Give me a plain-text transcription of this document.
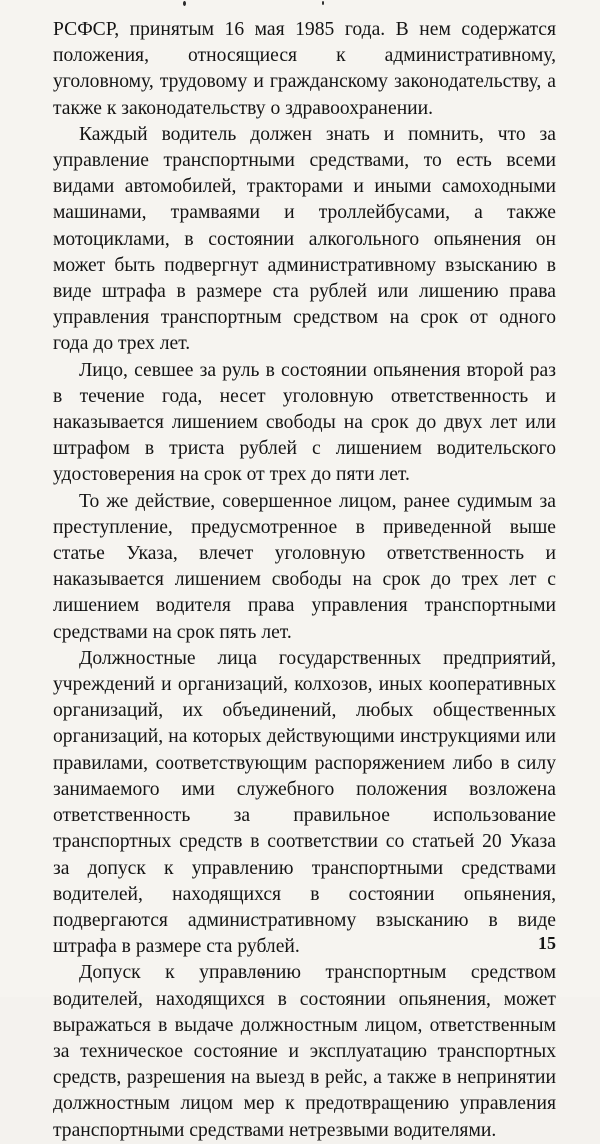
РСФСР, принятым 16 мая 1985 года. В нем содержатся положения, относящиеся к административному, уголовному, трудовому и гражданскому законодательству, а также к законодательству о здравоохранении.

Каждый водитель должен знать и помнить, что за управление транспортными средствами, то есть всеми видами автомобилей, тракторами и иными самоходными машинами, трамваями и троллейбусами, а также мотоциклами, в состоянии алкогольного опьянения он может быть подвергнут административному взысканию в виде штрафа в размере ста рублей или лишению права управления транспортным средством на срок от одного года до трех лет.

Лицо, севшее за руль в состоянии опьянения второй раз в течение года, несет уголовную ответственность и наказывается лишением свободы на срок до двух лет или штрафом в триста рублей с лишением водительского удостоверения на срок от трех до пяти лет.

То же действие, совершенное лицом, ранее судимым за преступление, предусмотренное в приведенной выше статье Указа, влечет уголовную ответственность и наказывается лишением свободы на срок до трех лет с лишением водителя права управления транспортными средствами на срок пять лет.

Должностные лица государственных предприятий, учреждений и организаций, колхозов, иных кооперативных организаций, их объединений, любых общественных организаций, на которых действующими инструкциями или правилами, соответствующим распоряжением либо в силу занимаемого ими служебного положения возложена ответственность за правильное использование транспортных средств в соответствии со статьей 20 Указа за допуск к управлению транспортными средствами водителей, находящихся в состоянии опьянения, подвергаются административному взысканию в виде штрафа в размере ста рублей.

Допуск к управлению транспортным средством водителей, находящихся в состоянии опьянения, может выражаться в выдаче должностным лицом, ответственным за техническое состояние и эксплуатацию транспортных средств, разрешения на выезд в рейс, а также в непринятии должностным лицом мер к предотвращению управления транспортными средствами нетрезвыми водителями.

15
